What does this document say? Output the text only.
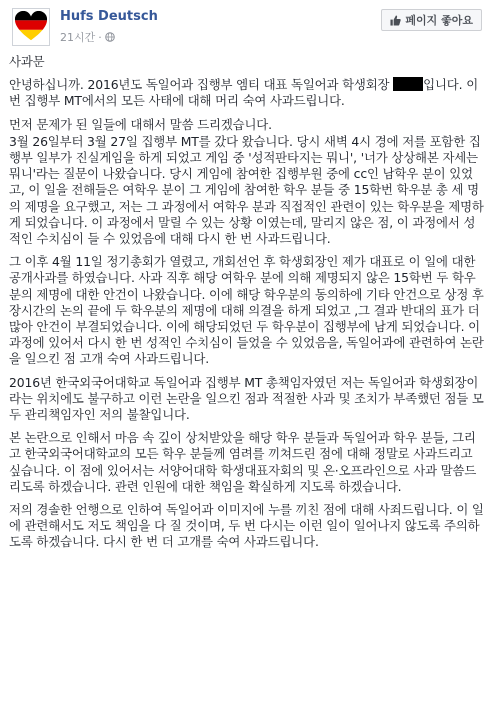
Hufs Deutsch
21시간 ·
페이지 좋아요

사과문

안녕하십니까. 2016년도 독일어과 집행부 엠티 대표 독일어과 학생회장 입니다. 이번 집행부 MT에서의 모든 사태에 대해 머리 숙여 사과드립니다.

먼저 문제가 된 일들에 대해서 말씀 드리겠습니다.

3월 26일부터 3월 27일 집행부 MT를 갔다 왔습니다. 당시 새벽 4시 경에 저를 포함한 집행부 일부가 진실게임을 하게 되었고 게임 중 '성적판타지는 뭐니', '너가 상상해본 자세는 뭐니'라는 질문이 나왔습니다. 당시 게임에 참여한 집행부원 중에 cc인 남학우 분이 있었고, 이 일을 전해들은 여학우 분이 그 게임에 참여한 학우 분들 중 15학번 학우분 총 세 명의 제명을 요구했고, 저는 그 과정에서 여학우 분과 직접적인 관련이 있는 학우분을 제명하게 되었습니다. 이 과정에서 말릴 수 있는 상황 이였는데, 말리지 않은 점, 이 과정에서 성적인 수치심이 들 수 있었음에 대해 다시 한 번 사과드립니다.

그 이후 4월 11일 정기총회가 열렸고, 개회선언 후 학생회장인 제가 대표로 이 일에 대한 공개사과를 하였습니다. 사과 직후 해당 여학우 분에 의해 제명되지 않은 15학번 두 학우분의 제명에 대한 안건이 나왔습니다. 이에 해당 학우분의 동의하에 기타 안건으로 상정 후 장시간의 논의 끝에 두 학우분의 제명에 대해 의결을 하게 되었고 ,그 결과 반대의 표가 더 많아 안건이 부결되었습니다. 이에 해당되었던 두 학우분이 집행부에 남게 되었습니다. 이 과정에 있어서 다시 한 번 성적인 수치심이 들었을 수 있었음을, 독일어과에 관련하여 논란을 일으킨 점 고개 숙여 사과드립니다.

2016년 한국외국어대학교 독일어과 집행부 MT 총책임자였던 저는 독일어과 학생회장이라는 위치에도 불구하고 이런 논란을 일으킨 점과 적절한 사과 및 조치가 부족했던 점들 모두 관리책임자인 저의 불찰입니다.

본 논란으로 인해서 마음 속 깊이 상처받았을 해당 학우 분들과 독일어과 학우 분들, 그리고 한국외국어대학교의 모든 학우 분들께 염려를 끼쳐드린 점에 대해 정말로 사과드리고 싶습니다. 이 점에 있어서는 서양어대학 학생대표자회의 및 온·오프라인으로 사과 말씀드리도록 하겠습니다. 관련 인원에 대한 책임을 확실하게 지도록 하겠습니다.

저의 경솔한 언행으로 인하여 독일어과 이미지에 누를 끼친 점에 대해 사죄드립니다. 이 일에 관련해서도 저도 책임을 다 질 것이며, 두 번 다시는 이런 일이 일어나지 않도록 주의하도록 하겠습니다. 다시 한 번 더 고개를 숙여 사과드립니다.
